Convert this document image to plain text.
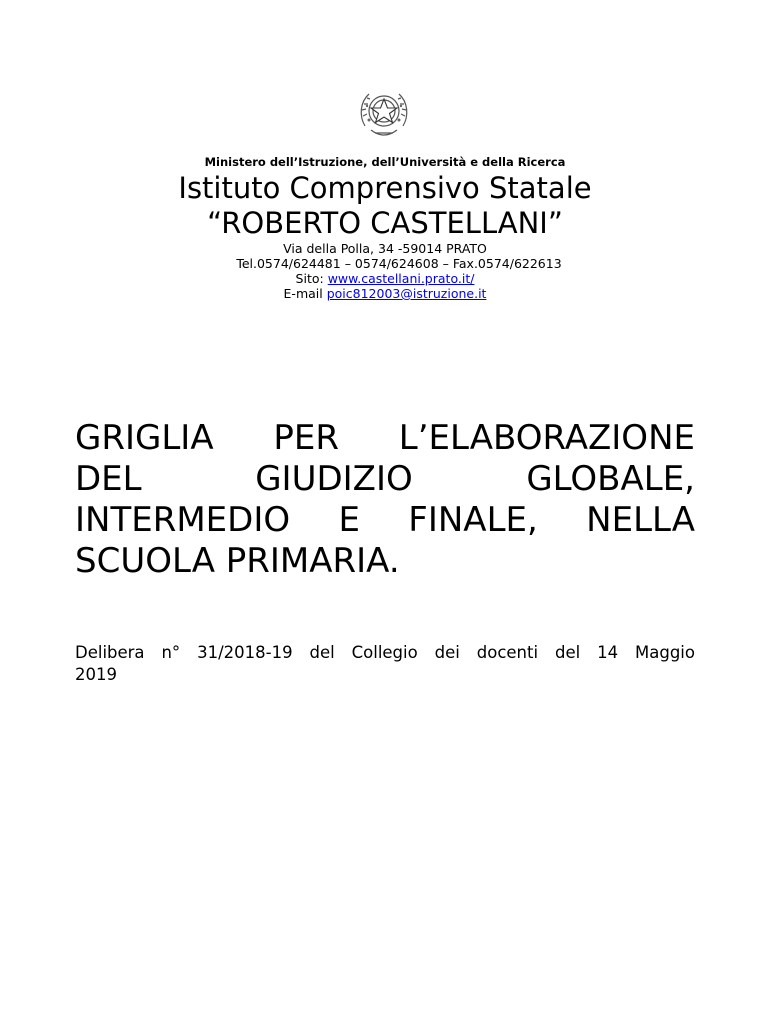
Ministero dell’Istruzione, dell’Università e della Ricerca
Istituto Comprensivo Statale
“ROBERTO CASTELLANI”
Via della Polla, 34 -59014 PRATO
Tel.0574/624481 – 0574/624608 – Fax.0574/622613
Sito: www.castellani.prato.it/
E-mail poic812003@istruzione.it
GRIGLIA PER L’ELABORAZIONE
DEL GIUDIZIO GLOBALE,
INTERMEDIO E FINALE, NELLA
SCUOLA PRIMARIA.
Delibera n° 31/2018-19 del Collegio dei docenti del 14 Maggio
2019
